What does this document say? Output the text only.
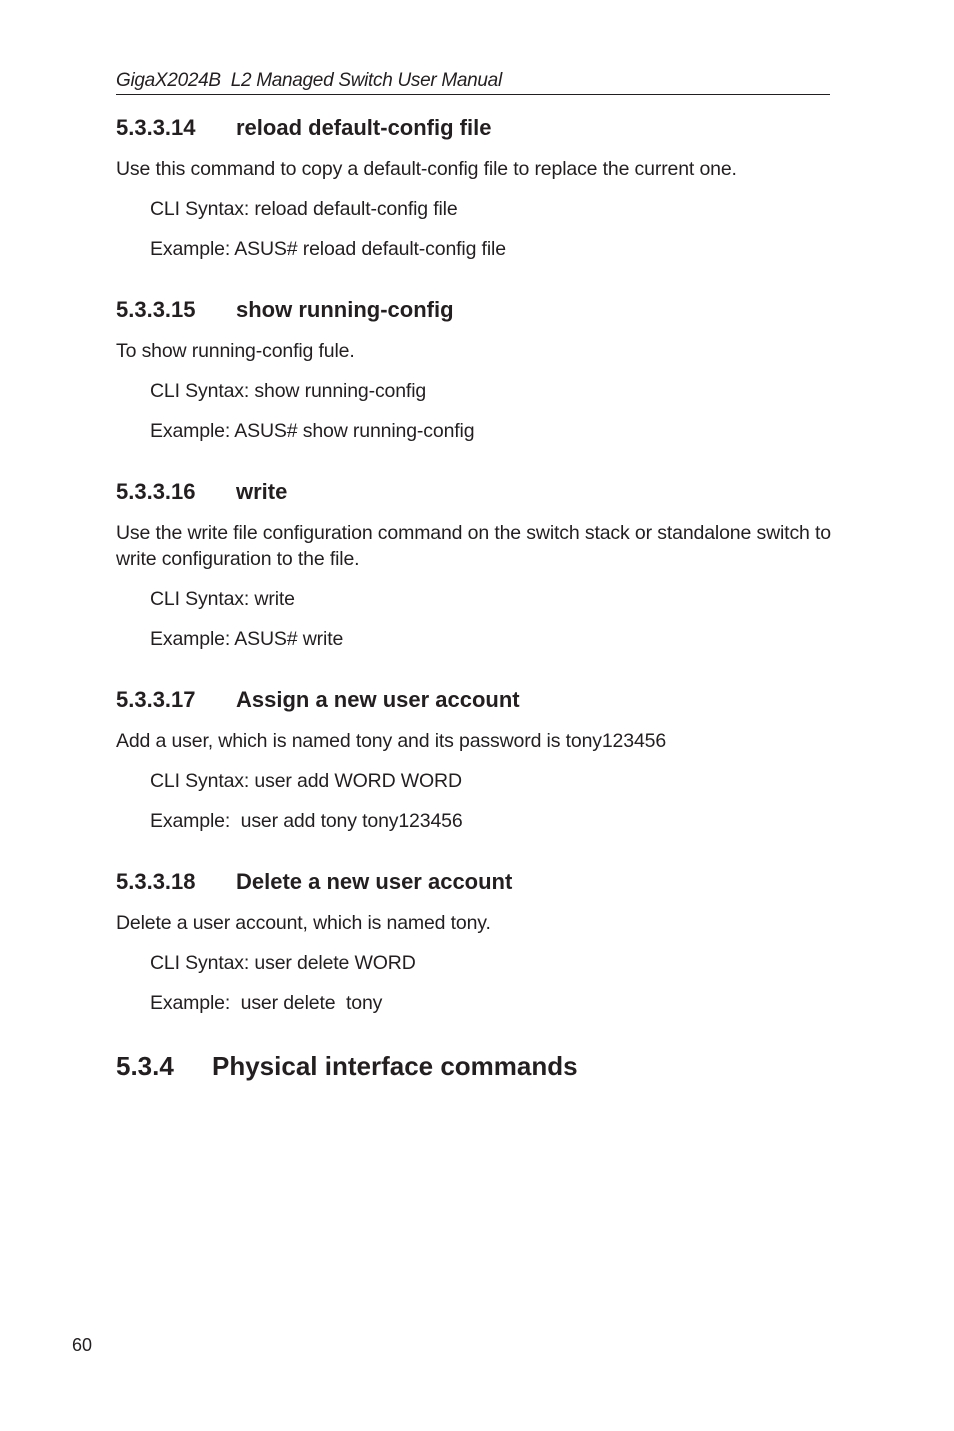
GigaX2024B  L2 Managed Switch User Manual
5.3.3.14 reload default-config file

Use this command to copy a default-config file to replace the current one.

CLI Syntax: reload default-config file

Example: ASUS# reload default-config file

5.3.3.15 show running-config

To show running-config fule.

CLI Syntax: show running-config

Example: ASUS# show running-config

5.3.3.16 write

Use the write file configuration command on the switch stack or standalone switch to write configuration to the file.

CLI Syntax: write

Example: ASUS# write

5.3.3.17 Assign a new user account

Add a user, which is named tony and its password is tony123456

CLI Syntax: user add WORD WORD

Example:  user add tony tony123456

5.3.3.18 Delete a new user account

Delete a user account, which is named tony.

CLI Syntax: user delete WORD

Example:  user delete  tony

5.3.4 Physical interface commands
60
